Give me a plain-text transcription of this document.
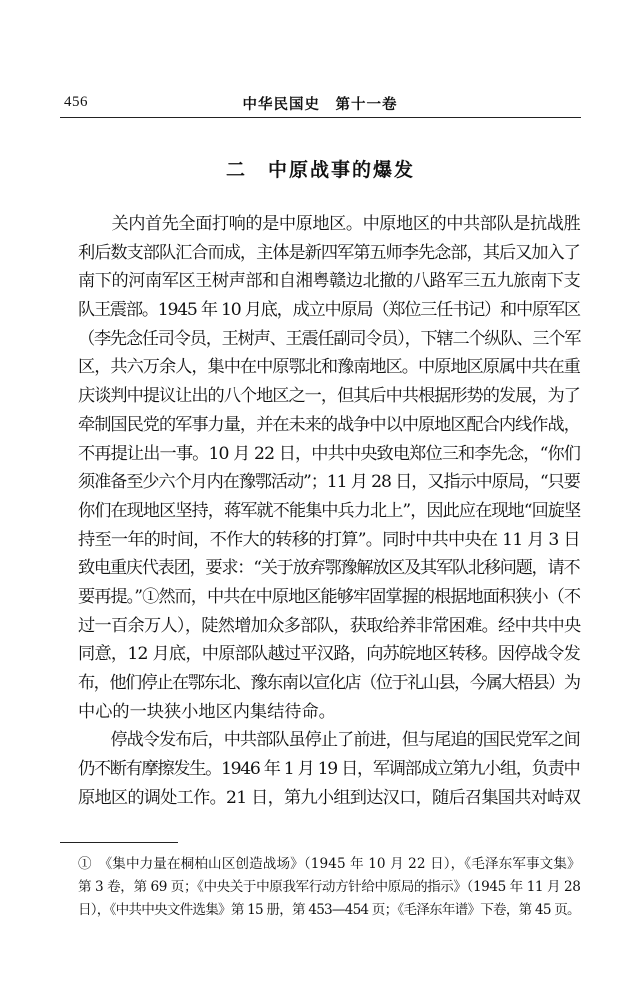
456	中华民国史　第十一卷
二　中原战事的爆发
　　关内首先全面打响的是中原地区。中原地区的中共部队是抗战胜
利后数支部队汇合而成，主体是新四军第五师李先念部，其后又加入了
南下的河南军区王树声部和自湘粤赣边北撤的八路军三五九旅南下支
队王震部。1945 年 10 月底，成立中原局（郑位三任书记）和中原军区
（李先念任司令员，王树声、王震任副司令员），下辖二个纵队、三个军
区，共六万余人，集中在中原鄂北和豫南地区。中原地区原属中共在重
庆谈判中提议让出的八个地区之一，但其后中共根据形势的发展，为了
牵制国民党的军事力量，并在未来的战争中以中原地区配合内线作战，
不再提让出一事。10 月 22 日，中共中央致电郑位三和李先念，“你们
须准备至少六个月内在豫鄂活动”；11 月 28 日，又指示中原局，“只要
你们在现地区坚持，蒋军就不能集中兵力北上”，因此应在现地“回旋坚
持至一年的时间，不作大的转移的打算”。同时中共中央在 11 月 3 日
致电重庆代表团，要求：“关于放弃鄂豫解放区及其军队北移问题，请不
要再提。”①然而，中共在中原地区能够牢固掌握的根据地面积狭小（不
过一百余万人），陡然增加众多部队，获取给养非常困难。经中共中央
同意，12 月底，中原部队越过平汉路，向苏皖地区转移。因停战令发
布，他们停止在鄂东北、豫东南以宣化店（位于礼山县，今属大梧县）为
中心的一块狭小地区内集结待命。
　　停战令发布后，中共部队虽停止了前进，但与尾追的国民党军之间
仍不断有摩擦发生。1946 年 1 月 19 日，军调部成立第九小组，负责中
原地区的调处工作。21 日，第九小组到达汉口，随后召集国共对峙双
①　《集中力量在桐柏山区创造战场》（1945 年 10 月 22 日），《毛泽东军事文集》
第 3 卷，第 69 页；《中央关于中原我军行动方针给中原局的指示》（1945 年 11 月 28
日），《中共中央文件选集》第 15 册，第 453—454 页；《毛泽东年谱》下卷，第 45 页。
